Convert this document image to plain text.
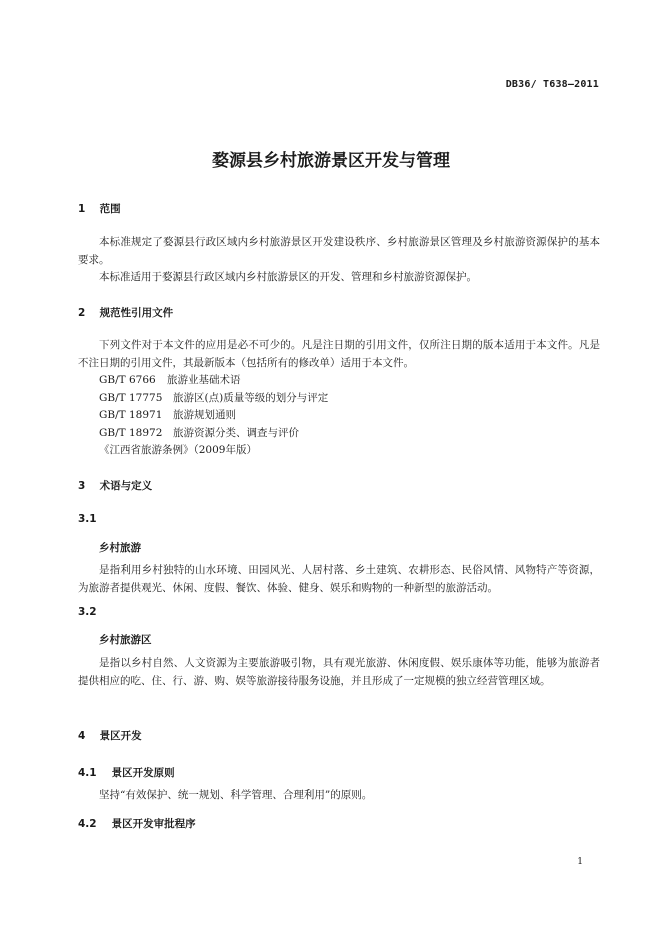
DB36/ T638—2011
婺源县乡村旅游景区开发与管理
1 范围

本标准规定了婺源县行政区域内乡村旅游景区开发建设秩序、乡村旅游景区管理及乡村旅游资源保护的基本要求。

本标准适用于婺源县行政区域内乡村旅游景区的开发、管理和乡村旅游资源保护。

2 规范性引用文件

下列文件对于本文件的应用是必不可少的。凡是注日期的引用文件，仅所注日期的版本适用于本文件。凡是不注日期的引用文件，其最新版本（包括所有的修改单）适用于本文件。

GB/T 6766 旅游业基础术语
GB/T 17775 旅游区(点)质量等级的划分与评定
GB/T 18971 旅游规划通则
GB/T 18972 旅游资源分类、调查与评价
《江西省旅游条例》（2009年版）
3 术语与定义
3.1
乡村旅游

是指利用乡村独特的山水环境、田园风光、人居村落、乡土建筑、农耕形态、民俗风情、风物特产等资源，为旅游者提供观光、休闲、度假、餐饮、体验、健身、娱乐和购物的一种新型的旅游活动。

3.2
乡村旅游区

是指以乡村自然、人文资源为主要旅游吸引物，具有观光旅游、休闲度假、娱乐康体等功能，能够为旅游者提供相应的吃、住、行、游、购、娱等旅游接待服务设施，并且形成了一定规模的独立经营管理区域。

4 景区开发
4.1 景区开发原则

坚持“有效保护、统一规划、科学管理、合理利用”的原则。

4.2 景区开发审批程序
1
